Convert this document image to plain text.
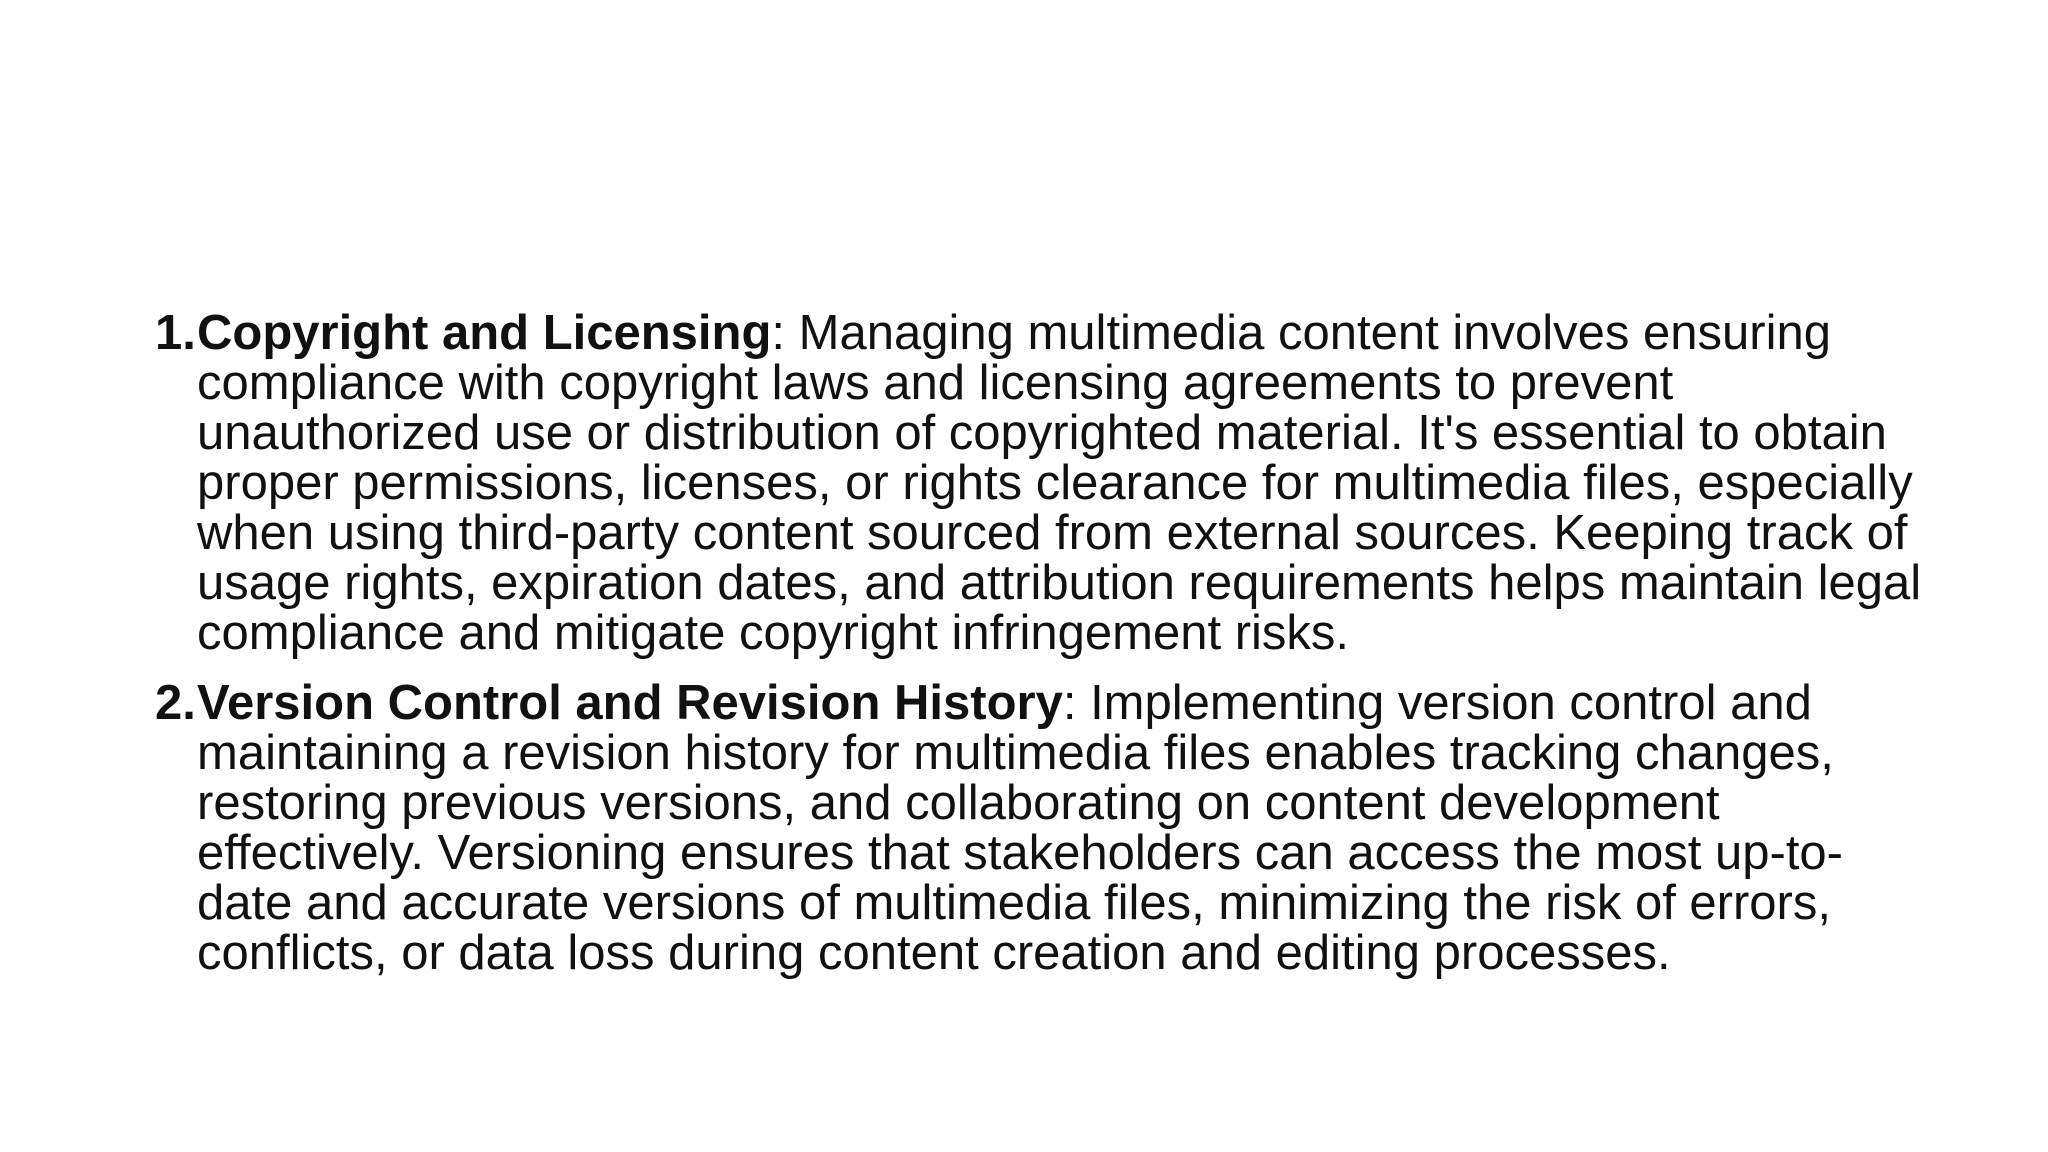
1. Copyright and Licensing: Managing multimedia content involves ensuring compliance with copyright laws and licensing agreements to prevent unauthorized use or distribution of copyrighted material. It's essential to obtain proper permissions, licenses, or rights clearance for multimedia files, especially when using third-party content sourced from external sources. Keeping track of usage rights, expiration dates, and attribution requirements helps maintain legal compliance and mitigate copyright infringement risks.
2. Version Control and Revision History: Implementing version control and maintaining a revision history for multimedia files enables tracking changes, restoring previous versions, and collaborating on content development effectively. Versioning ensures that stakeholders can access the most up-to-date and accurate versions of multimedia files, minimizing the risk of errors, conflicts, or data loss during content creation and editing processes.
